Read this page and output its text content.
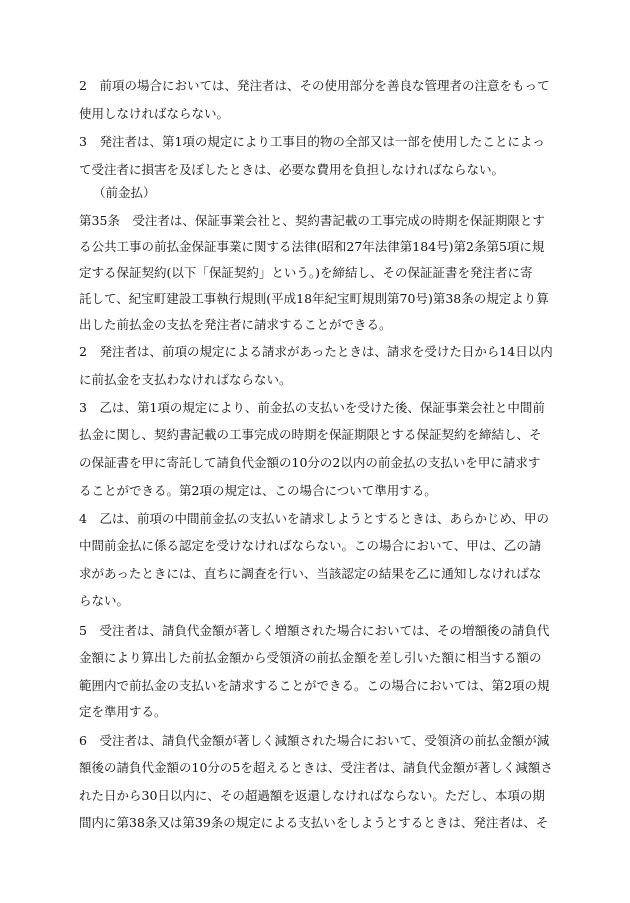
2　前項の場合においては、発注者は、その使用部分を善良な管理者の注意をもって
使用しなければならない。
3　発注者は、第1項の規定により工事目的物の全部又は一部を使用したことによっ
て受注者に損害を及ぼしたときは、必要な費用を負担しなければならない。
（前金払）
第35条　受注者は、保証事業会社と、契約書記載の工事完成の時期を保証期限とす
る公共工事の前払金保証事業に関する法律(昭和27年法律第184号)第2条第5項に規
定する保証契約(以下「保証契約」という。)を締結し、その保証証書を発注者に寄
託して、紀宝町建設工事執行規則(平成18年紀宝町規則第70号)第38条の規定より算
出した前払金の支払を発注者に請求することができる。
2　発注者は、前項の規定による請求があったときは、請求を受けた日から14日以内
に前払金を支払わなければならない。
3　乙は、第1項の規定により、前金払の支払いを受けた後、保証事業会社と中間前
払金に関し、契約書記載の工事完成の時期を保証期限とする保証契約を締結し、そ
の保証書を甲に寄託して請負代金額の10分の2以内の前金払の支払いを甲に請求す
ることができる。第2項の規定は、この場合について準用する。
4　乙は、前項の中間前金払の支払いを請求しようとするときは、あらかじめ、甲の
中間前金払に係る認定を受けなければならない。この場合において、甲は、乙の請
求があったときには、直ちに調査を行い、当該認定の結果を乙に通知しなければな
らない。
5　受注者は、請負代金額が著しく増額された場合においては、その増額後の請負代
金額により算出した前払金額から受領済の前払金額を差し引いた額に相当する額の
範囲内で前払金の支払いを請求することができる。この場合においては、第2項の規
定を準用する。
6　受注者は、請負代金額が著しく減額された場合において、受領済の前払金額が減
額後の請負代金額の10分の5を超えるときは、受注者は、請負代金額が著しく減額さ
れた日から30日以内に、その超過額を返還しなければならない。ただし、本項の期
間内に第38条又は第39条の規定による支払いをしようとするときは、発注者は、そ
